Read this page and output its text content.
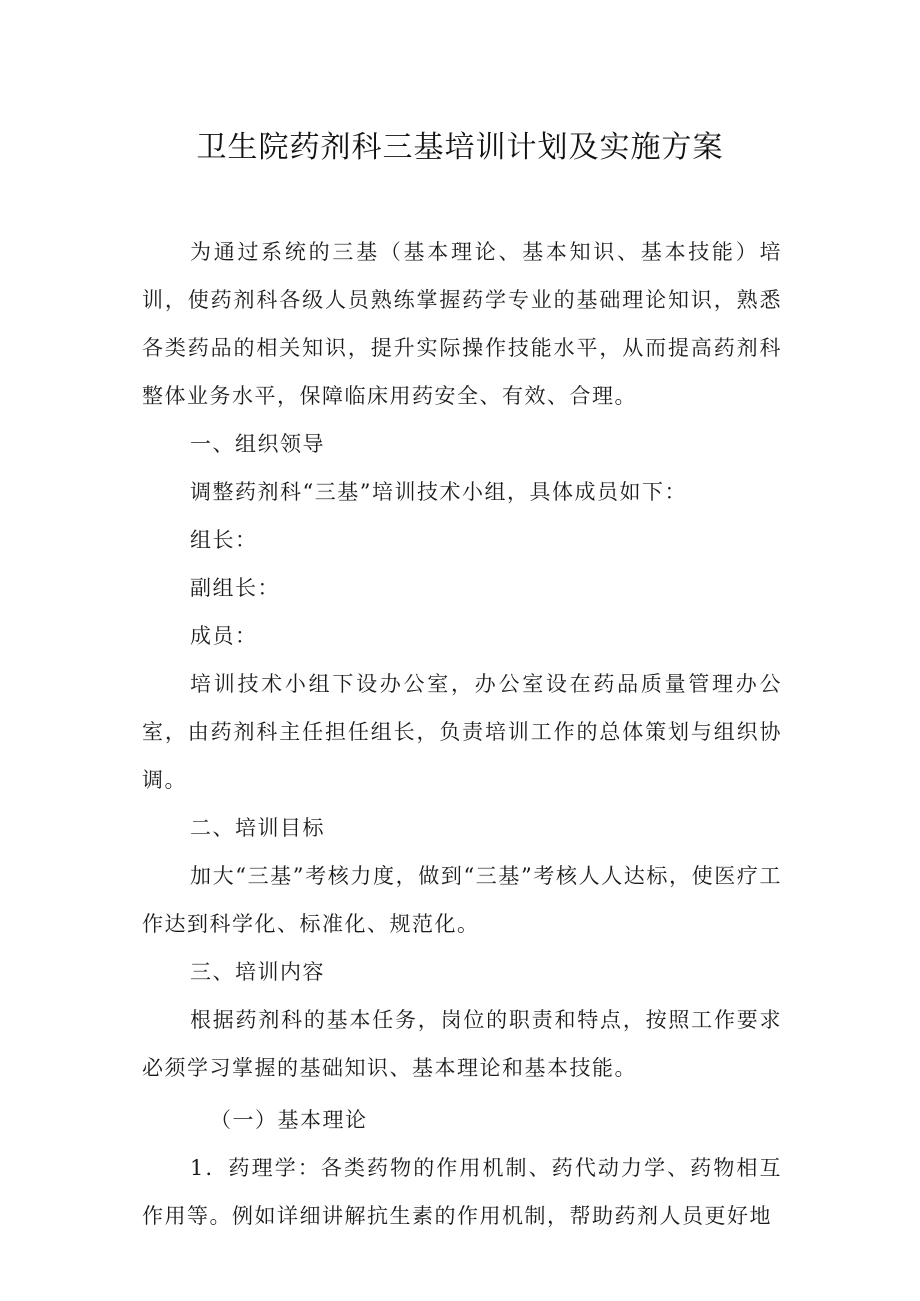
卫生院药剂科三基培训计划及实施方案

为通过系统的三基（基本理论、基本知识、基本技能）培训，使药剂科各级人员熟练掌握药学专业的基础理论知识，熟悉各类药品的相关知识，提升实际操作技能水平，从而提高药剂科整体业务水平，保障临床用药安全、有效、合理。

一、组织领导

调整药剂科“三基”培训技术小组，具体成员如下：

组长：

副组长：

成员：

培训技术小组下设办公室，办公室设在药品质量管理办公室，由药剂科主任担任组长，负责培训工作的总体策划与组织协调。

二、培训目标

加大“三基”考核力度，做到“三基”考核人人达标，使医疗工作达到科学化、标准化、规范化。

三、培训内容

根据药剂科的基本任务，岗位的职责和特点，按照工作要求必须学习掌握的基础知识、基本理论和基本技能。

（一）基本理论

1．药理学：各类药物的作用机制、药代动力学、药物相互作用等。例如详细讲解抗生素的作用机制，帮助药剂人员更好地
